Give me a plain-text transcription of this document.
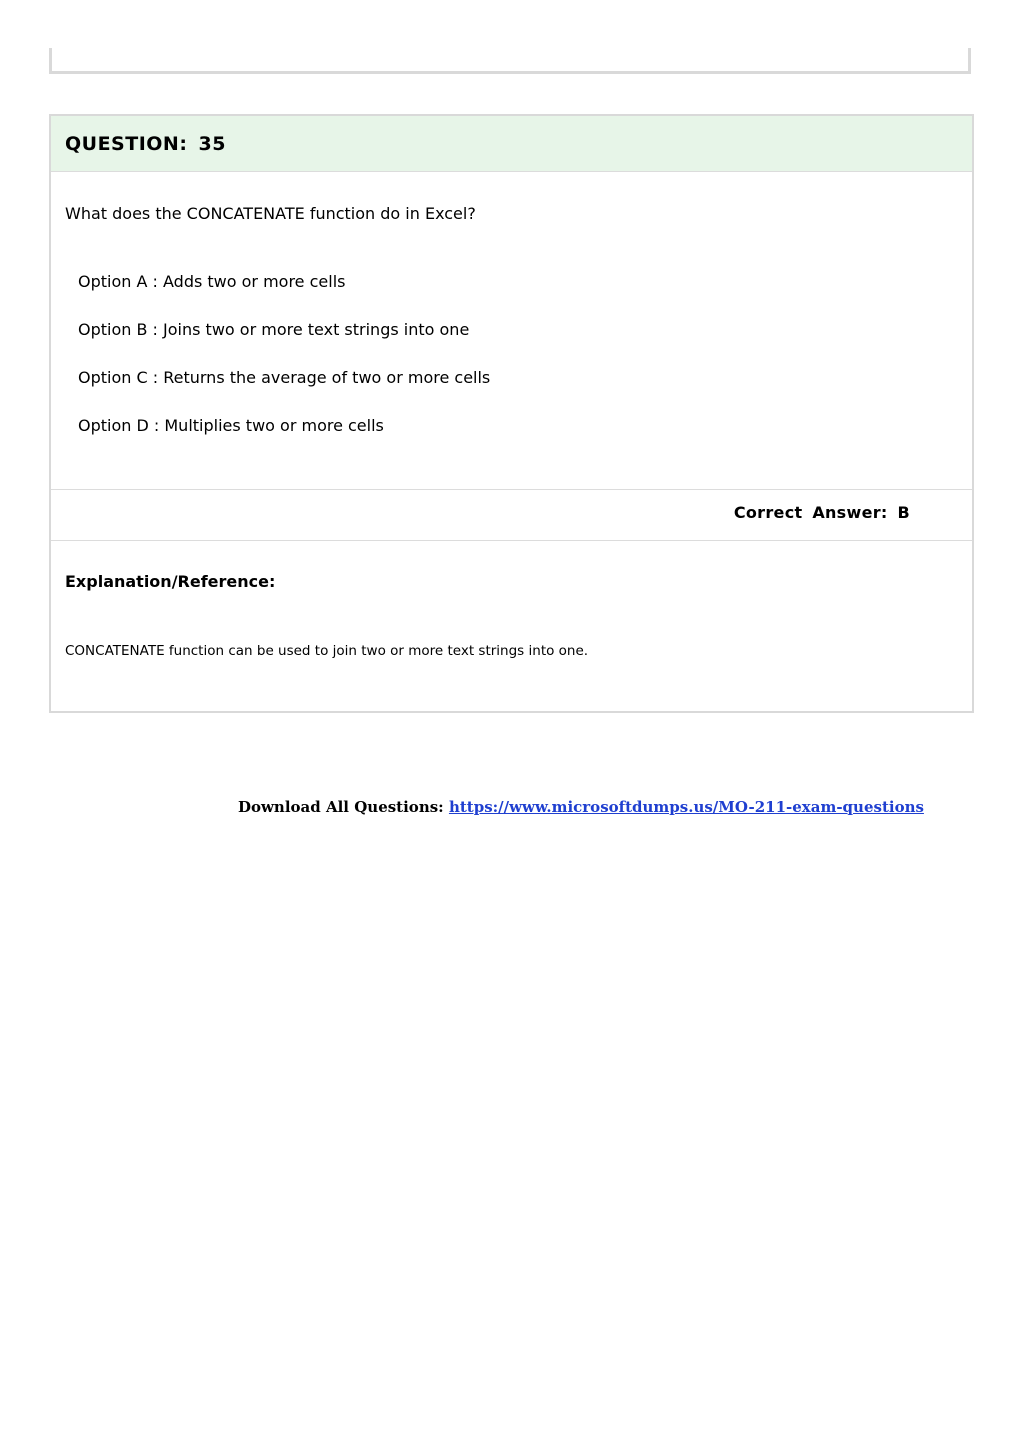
QUESTION: 35
What does the CONCATENATE function do in Excel?
Option A : Adds two or more cells
Option B : Joins two or more text strings into one
Option C : Returns the average of two or more cells
Option D : Multiplies two or more cells
Correct Answer: B
Explanation/Reference:
CONCATENATE function can be used to join two or more text strings into one.
Download All Questions: https://www.microsoftdumps.us/MO-211-exam-questions
